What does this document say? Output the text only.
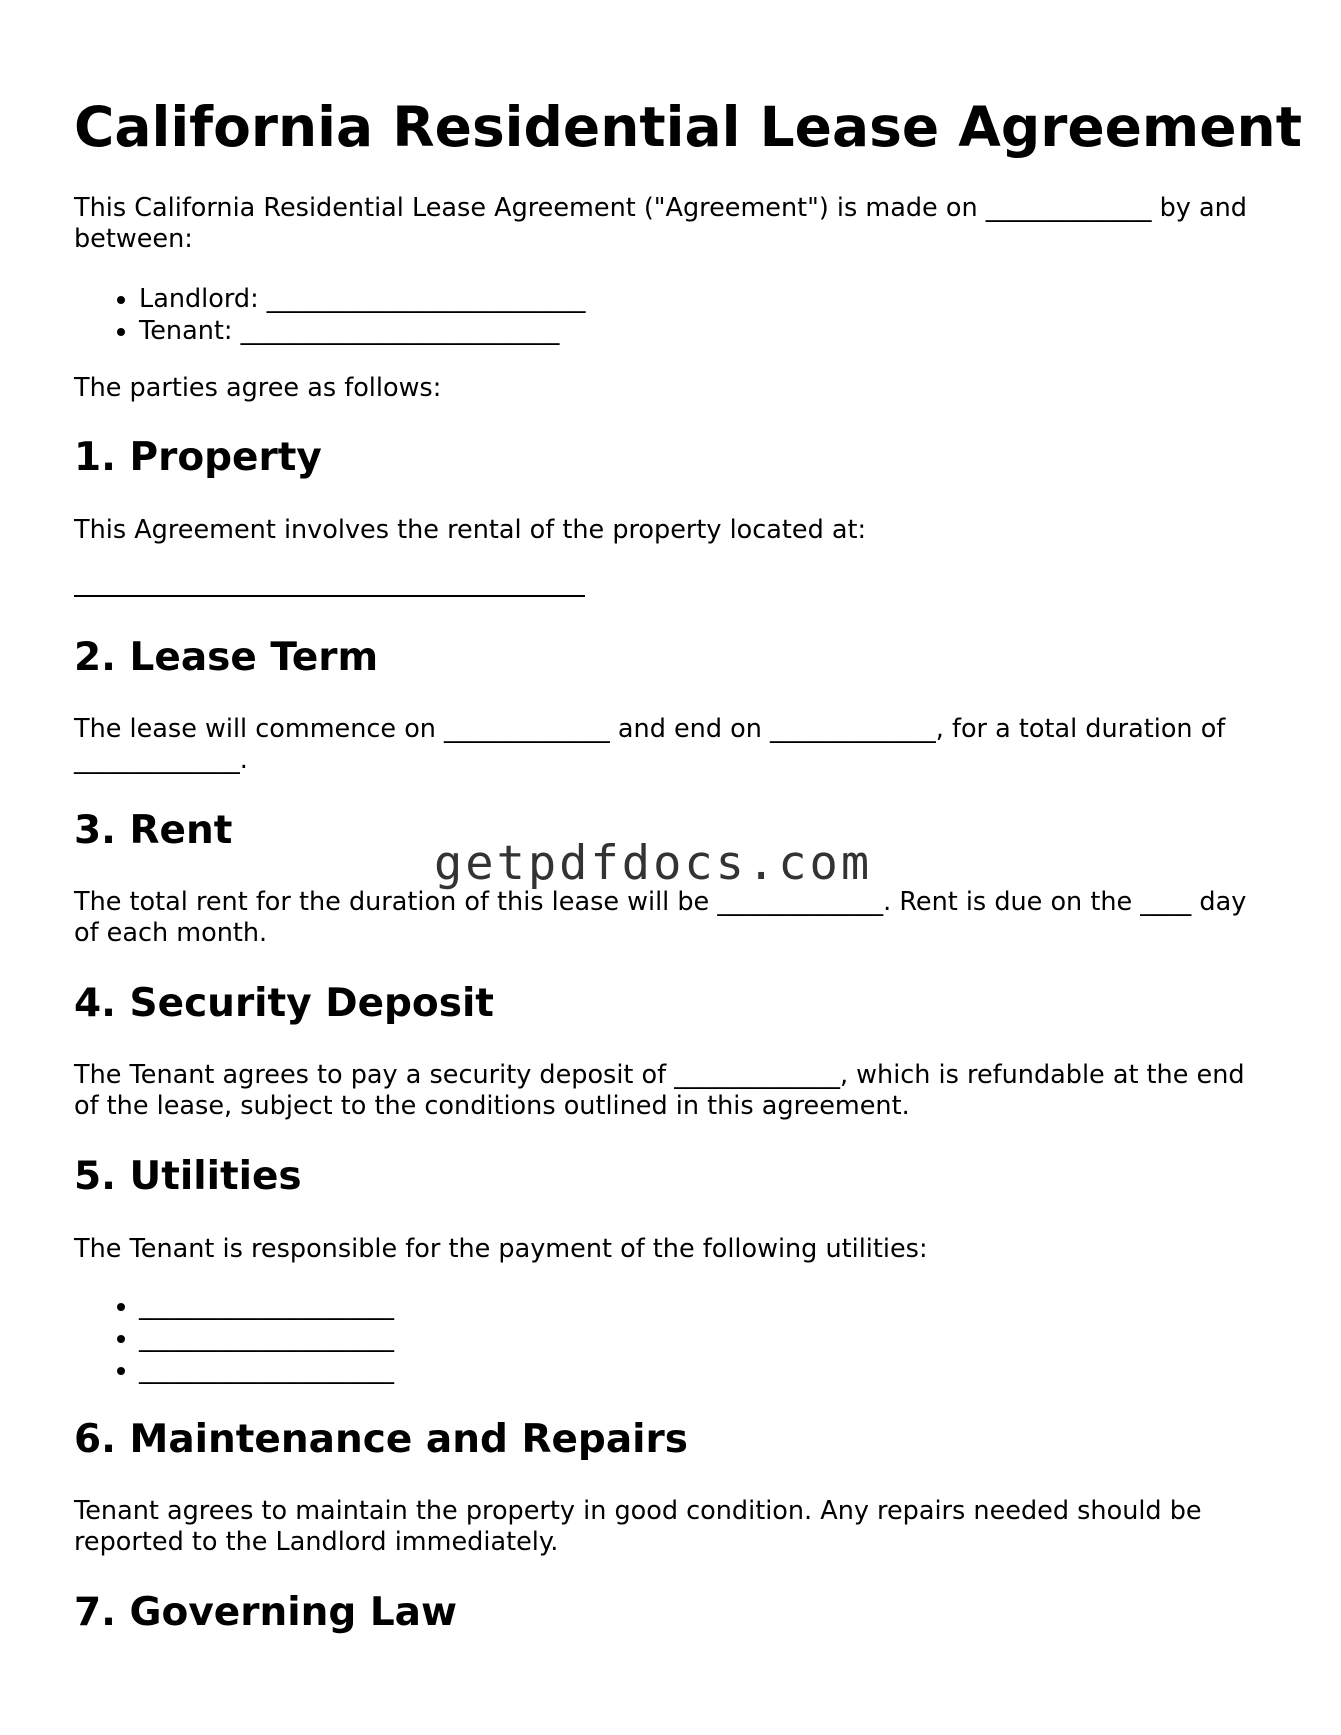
California Residential Lease Agreement

This California Residential Lease Agreement ("Agreement") is made on _____________ by and between:

• Landlord: _________________________
• Tenant: _________________________

The parties agree as follows:

1. Property

This Agreement involves the rental of the property located at:

2. Lease Term

The lease will commence on _____________ and end on _____________, for a total duration of _____________.

3. Rent

The total rent for the duration of this lease will be _____________. Rent is due on the ____ day of each month.

4. Security Deposit

The Tenant agrees to pay a security deposit of _____________, which is refundable at the end of the lease, subject to the conditions outlined in this agreement.

5. Utilities

The Tenant is responsible for the payment of the following utilities:

• ____________________
• ____________________
• ____________________
6. Maintenance and Repairs

Tenant agrees to maintain the property in good condition. Any repairs needed should be reported to the Landlord immediately.

7. Governing Law
getpdfdocs.com
